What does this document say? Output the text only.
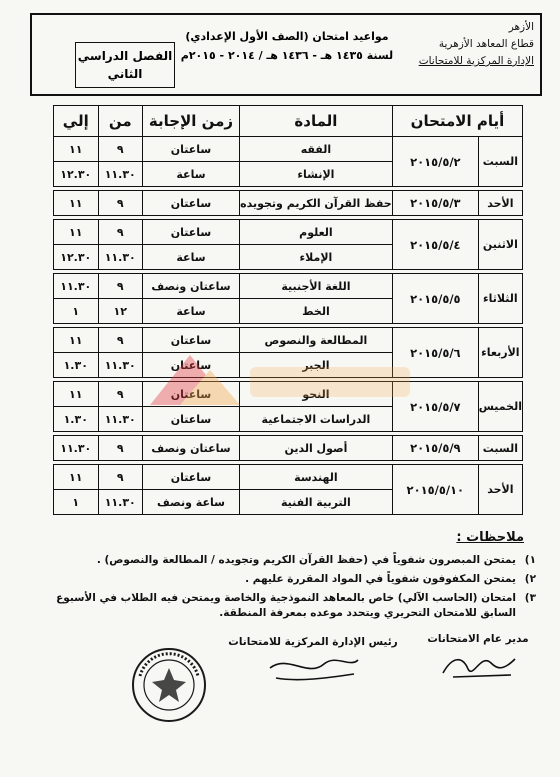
الأزهر
قطاع المعاهد الأزهرية
الإدارة المركزية للامتحانات
مواعيد امتحان (الصف الأول الإعدادي)
لسنة ١٤٣٥ هـ - ١٤٣٦ هـ / ٢٠١٤ - ٢٠١٥م
الفصل الدراسي
الثاني
أيام الامتحان		المادة	زمن الإجابة	من	إلي
السبت	٢٠١٥/٥/٢	الفقه	ساعتان	٩	١١
		الإنشاء	ساعة	١١.٣٠	١٢.٣٠

الأحد	٢٠١٥/٥/٣	حفظ القرآن الكريم وتجويده	ساعتان	٩	١١

الاثنين	٢٠١٥/٥/٤	العلوم	ساعتان	٩	١١
		الإملاء	ساعة	١١.٣٠	١٢.٣٠

الثلاثاء	٢٠١٥/٥/٥	اللغة الأجنبية	ساعتان ونصف	٩	١١.٣٠
		الخط	ساعة	١٢	١

الأربعاء	٢٠١٥/٥/٦	المطالعة والنصوص	ساعتان	٩	١١
		الجبر	ساعتان	١١.٣٠	١.٣٠

الخميس	٢٠١٥/٥/٧	النحو	ساعتان	٩	١١
		الدراسات الاجتماعية	ساعتان	١١.٣٠	١.٣٠

السبت	٢٠١٥/٥/٩	أصول الدين	ساعتان ونصف	٩	١١.٣٠

الأحد	٢٠١٥/٥/١٠	الهندسة	ساعتان	٩	١١
		التربية الفنية	ساعة ونصف	١١.٣٠	١
ملاحظات :
١)
يمتحن المبصرون شفوياً في (حفظ القرآن الكريم وتجويده / المطالعة والنصوص) .
٢)
يمتحن المكفوفون شفوياً في المواد المقررة عليهم .
٣)
امتحان (الحاسب الآلي) خاص بالمعاهد النموذجية والخاصة ويمتحن فيه الطلاب في الأسبوع السابق للامتحان التحريري ويتحدد موعده بمعرفة المنطقة.
مدير عام الامتحانات
رئيس الإدارة المركزية للامتحانات
